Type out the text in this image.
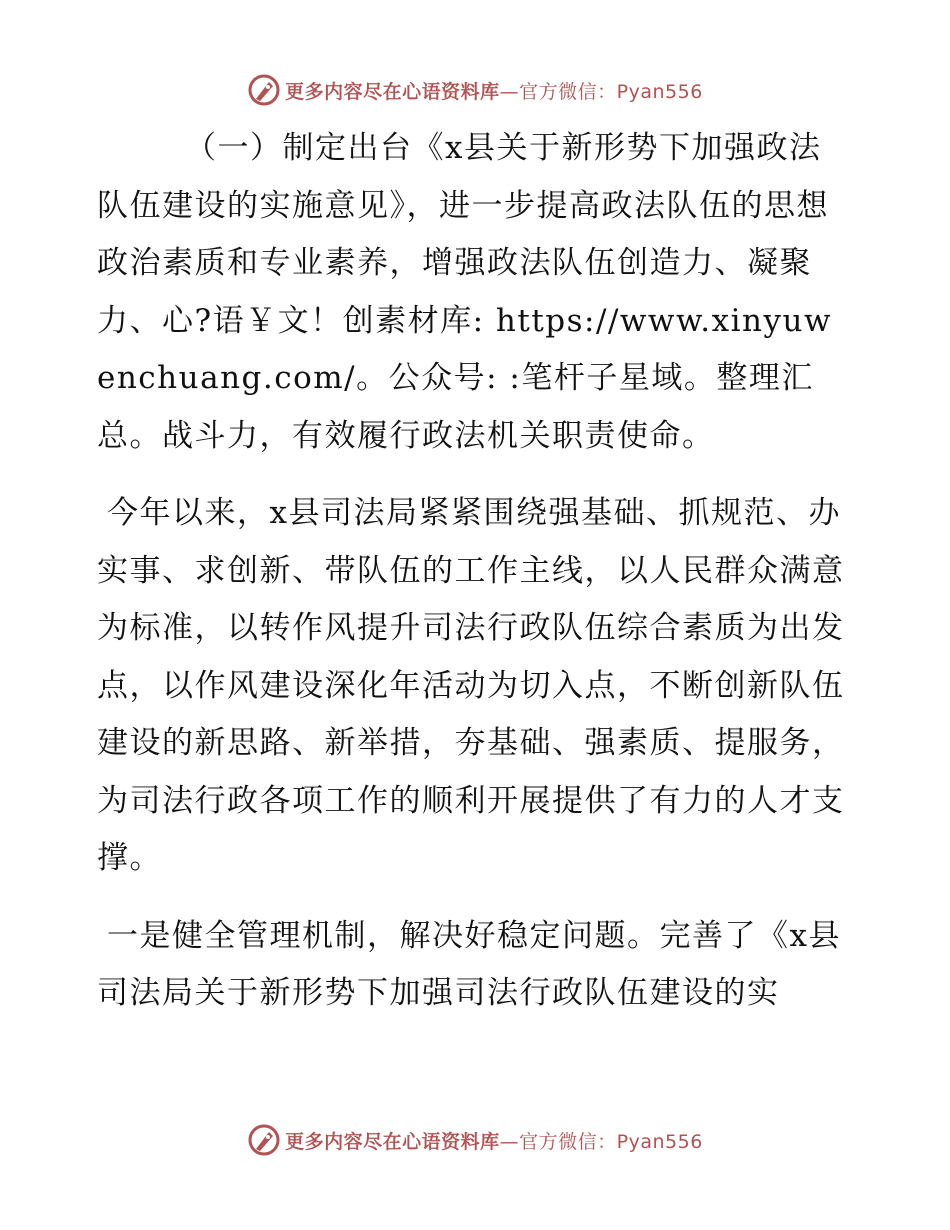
更多内容尽在心语资料库—官方微信：Pyan556

（一）制定出台《x县关于新形势下加强政法队伍建设的实施意见》，进一步提高政法队伍的思想政治素质和专业素养，增强政法队伍创造力、凝聚力、心?语￥文！创素材库: https://www.xinyuwenchuang.com/。公众号: :笔杆子星域。整理汇总。战斗力，有效履行政法机关职责使命。

今年以来，x县司法局紧紧围绕强基础、抓规范、办实事、求创新、带队伍的工作主线，以人民群众满意为标准，以转作风提升司法行政队伍综合素质为出发点，以作风建设深化年活动为切入点，不断创新队伍建设的新思路、新举措，夯基础、强素质、提服务，为司法行政各项工作的顺利开展提供了有力的人才支撑。

一是健全管理机制，解决好稳定问题。完善了《x县司法局关于新形势下加强司法行政队伍建设的实

更多内容尽在心语资料库—官方微信：Pyan556
